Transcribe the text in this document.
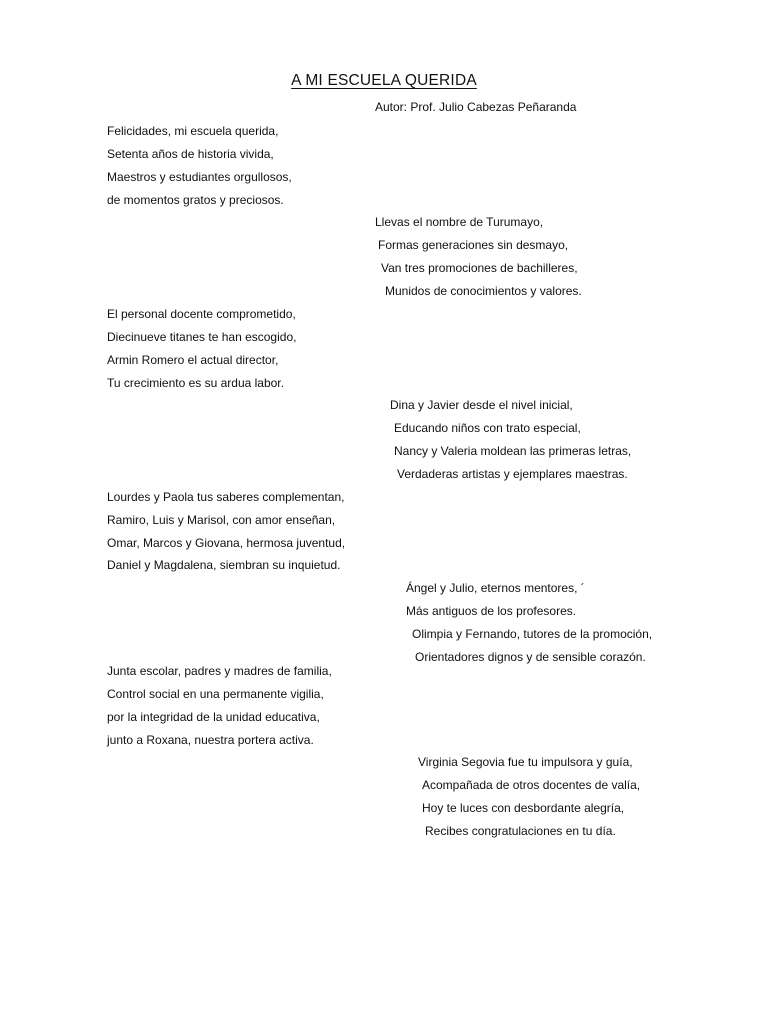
A MI ESCUELA QUERIDA
Autor: Prof. Julio Cabezas Peñaranda
Felicidades, mi escuela querida,
Setenta años de historia vivida,
Maestros y estudiantes orgullosos,
de momentos gratos y preciosos.
Llevas el nombre de Turumayo,
Formas generaciones sin desmayo,
Van tres promociones de bachilleres,
Munidos de conocimientos y valores.
El personal docente comprometido,
Diecinueve titanes te han escogido,
Armin Romero el actual director,
Tu crecimiento es su ardua labor.
Dina y Javier desde el nivel inicial,
Educando niños con trato especial,
Nancy y Valeria moldean las primeras letras,
Verdaderas artistas y ejemplares maestras.
Lourdes y Paola tus saberes complementan,
Ramiro, Luis y Marisol, con amor enseñan,
Omar, Marcos y Giovana, hermosa juventud,
Daniel y Magdalena, siembran su inquietud.
Ángel y Julio, eternos mentores, ´
Más antiguos de los profesores.
Olimpia y Fernando, tutores de la promoción,
Orientadores dignos y de sensible corazón.
Junta escolar, padres y madres de familia,
Control social en una permanente vigilia,
por la integridad de la unidad educativa,
junto a Roxana, nuestra portera activa.
Virginia Segovia fue tu impulsora y guía,
Acompañada de otros docentes de valía,
Hoy te luces con desbordante alegría,
Recibes congratulaciones en tu día.
